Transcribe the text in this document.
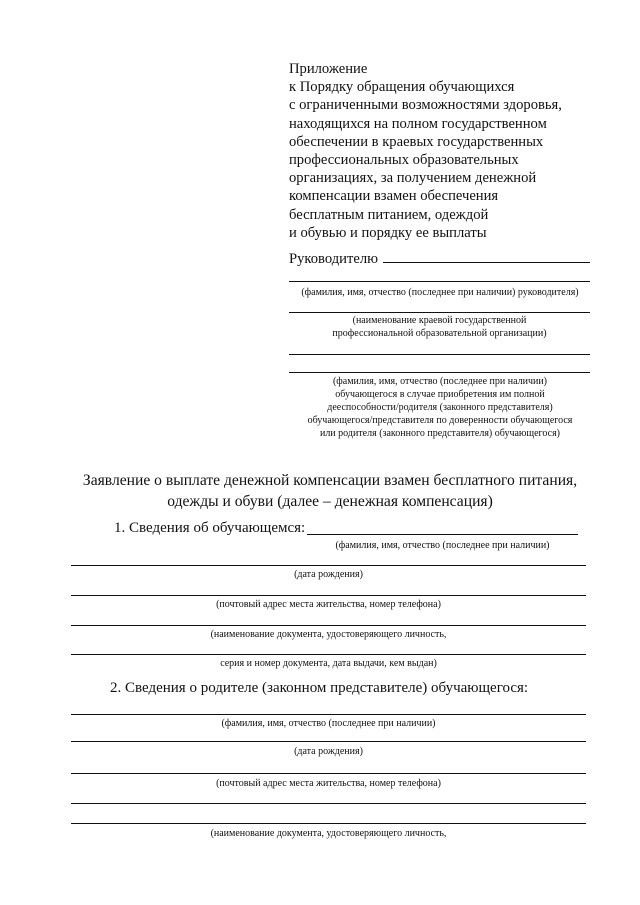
Приложение
к Порядку обращения обучающихся
с ограниченными возможностями здоровья,
находящихся на полном государственном
обеспечении в краевых государственных
профессиональных образовательных
организациях, за получением денежной
компенсации взамен обеспечения
бесплатным питанием, одеждой
и обувью и порядку ее выплаты
Руководителю
(фамилия, имя, отчество (последнее при наличии) руководителя)
(наименование краевой государственной
профессиональной образовательной организации)
(фамилия, имя, отчество (последнее при наличии)
обучающегося в случае приобретения им полной
дееспособности/родителя (законного представителя)
обучающегося/представителя по доверенности обучающегося
или родителя (законного представителя) обучающегося)
Заявление о выплате денежной компенсации взамен бесплатного питания,
одежды и обуви (далее – денежная компенсация)
1. Сведения об обучающемся:
(фамилия, имя, отчество (последнее при наличии)
(дата рождения)
(почтовый адрес места жительства, номер телефона)
(наименование документа, удостоверяющего личность,
серия и номер документа, дата выдачи, кем выдан)
2. Сведения о родителе (законном представителе) обучающегося:
(фамилия, имя, отчество (последнее при наличии)
(дата рождения)
(почтовый адрес места жительства, номер телефона)
(наименование документа, удостоверяющего личность,
